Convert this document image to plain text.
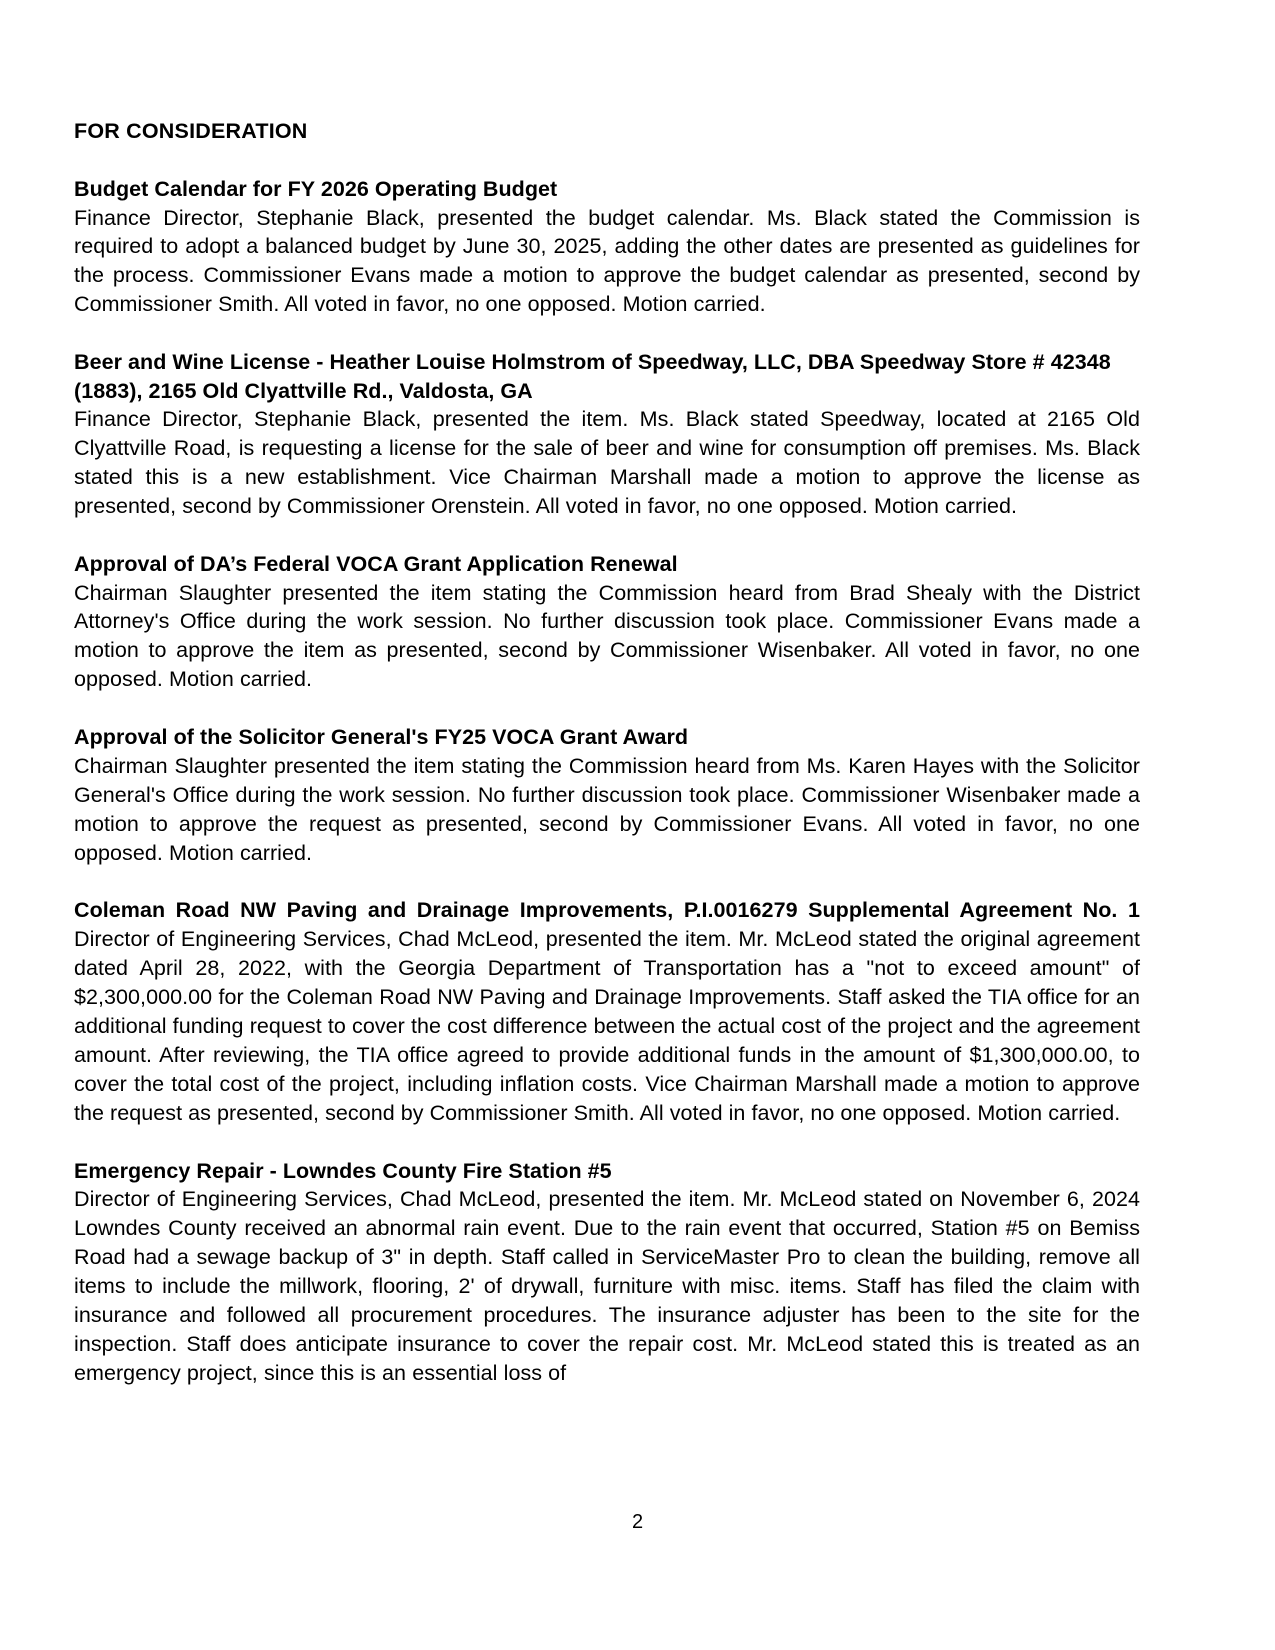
FOR CONSIDERATION
Budget Calendar for FY 2026 Operating Budget

Finance Director, Stephanie Black, presented the budget calendar. Ms. Black stated the Commission is required to adopt a balanced budget by June 30, 2025, adding the other dates are presented as guidelines for the process. Commissioner Evans made a motion to approve the budget calendar as presented, second by Commissioner Smith. All voted in favor, no one opposed. Motion carried.

Beer and Wine License - Heather Louise Holmstrom of Speedway, LLC, DBA Speedway Store # 42348 (1883), 2165 Old Clyattville Rd., Valdosta, GA

Finance Director, Stephanie Black, presented the item. Ms. Black stated Speedway, located at 2165 Old Clyattville Road, is requesting a license for the sale of beer and wine for consumption off premises. Ms. Black stated this is a new establishment. Vice Chairman Marshall made a motion to approve the license as presented, second by Commissioner Orenstein. All voted in favor, no one opposed. Motion carried.

Approval of DA’s Federal VOCA Grant Application Renewal

Chairman Slaughter presented the item stating the Commission heard from Brad Shealy with the District Attorney's Office during the work session. No further discussion took place. Commissioner Evans made a motion to approve the item as presented, second by Commissioner Wisenbaker. All voted in favor, no one opposed. Motion carried.

Approval of the Solicitor General's FY25 VOCA Grant Award

Chairman Slaughter presented the item stating the Commission heard from Ms. Karen Hayes with the Solicitor General's Office during the work session. No further discussion took place. Commissioner Wisenbaker made a motion to approve the request as presented, second by Commissioner Evans. All voted in favor, no one opposed. Motion carried.

Coleman Road NW Paving and Drainage Improvements, P.I.0016279 Supplemental Agreement No. 1 Director of Engineering Services, Chad McLeod, presented the item. Mr. McLeod stated the original agreement dated April 28, 2022, with the Georgia Department of Transportation has a "not to exceed amount" of $2,300,000.00 for the Coleman Road NW Paving and Drainage Improvements. Staff asked the TIA office for an additional funding request to cover the cost difference between the actual cost of the project and the agreement amount. After reviewing, the TIA office agreed to provide additional funds in the amount of $1,300,000.00, to cover the total cost of the project, including inflation costs. Vice Chairman Marshall made a motion to approve the request as presented, second by Commissioner Smith. All voted in favor, no one opposed. Motion carried.

Emergency Repair - Lowndes County Fire Station #5

Director of Engineering Services, Chad McLeod, presented the item. Mr. McLeod stated on November 6, 2024 Lowndes County received an abnormal rain event. Due to the rain event that occurred, Station #5 on Bemiss Road had a sewage backup of 3" in depth. Staff called in ServiceMaster Pro to clean the building, remove all items to include the millwork, flooring, 2' of drywall, furniture with misc. items. Staff has filed the claim with insurance and followed all procurement procedures. The insurance adjuster has been to the site for the inspection. Staff does anticipate insurance to cover the repair cost. Mr. McLeod stated this is treated as an emergency project, since this is an essential loss of

2
